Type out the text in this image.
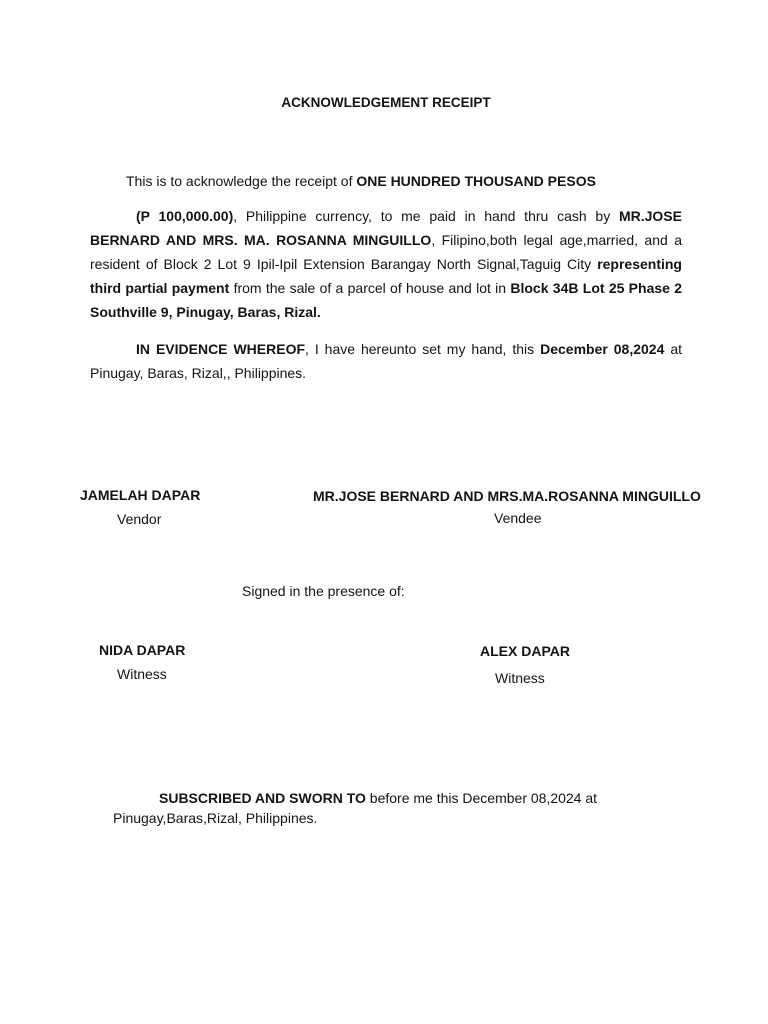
ACKNOWLEDGEMENT RECEIPT
This is to acknowledge the receipt of ONE HUNDRED THOUSAND PESOS
(P 100,000.00), Philippine currency, to me paid in hand thru cash by MR.JOSE BERNARD AND MRS. MA. ROSANNA MINGUILLO, Filipino,both legal age,married, and a resident of Block 2 Lot 9 Ipil-Ipil Extension Barangay North Signal,Taguig City representing third partial payment from the sale of a parcel of house and lot in Block 34B Lot 25 Phase 2 Southville 9, Pinugay, Baras, Rizal.
IN EVIDENCE WHEREOF, I have hereunto set my hand, this December 08,2024 at Pinugay, Baras, Rizal,, Philippines.
JAMELAH DAPAR
Vendor
MR.JOSE BERNARD AND MRS.MA.ROSANNA MINGUILLO
Vendee
Signed in the presence of:
NIDA DAPAR
Witness
ALEX DAPAR
Witness
SUBSCRIBED AND SWORN TO before me this December 08,2024 at
Pinugay,Baras,Rizal, Philippines.
